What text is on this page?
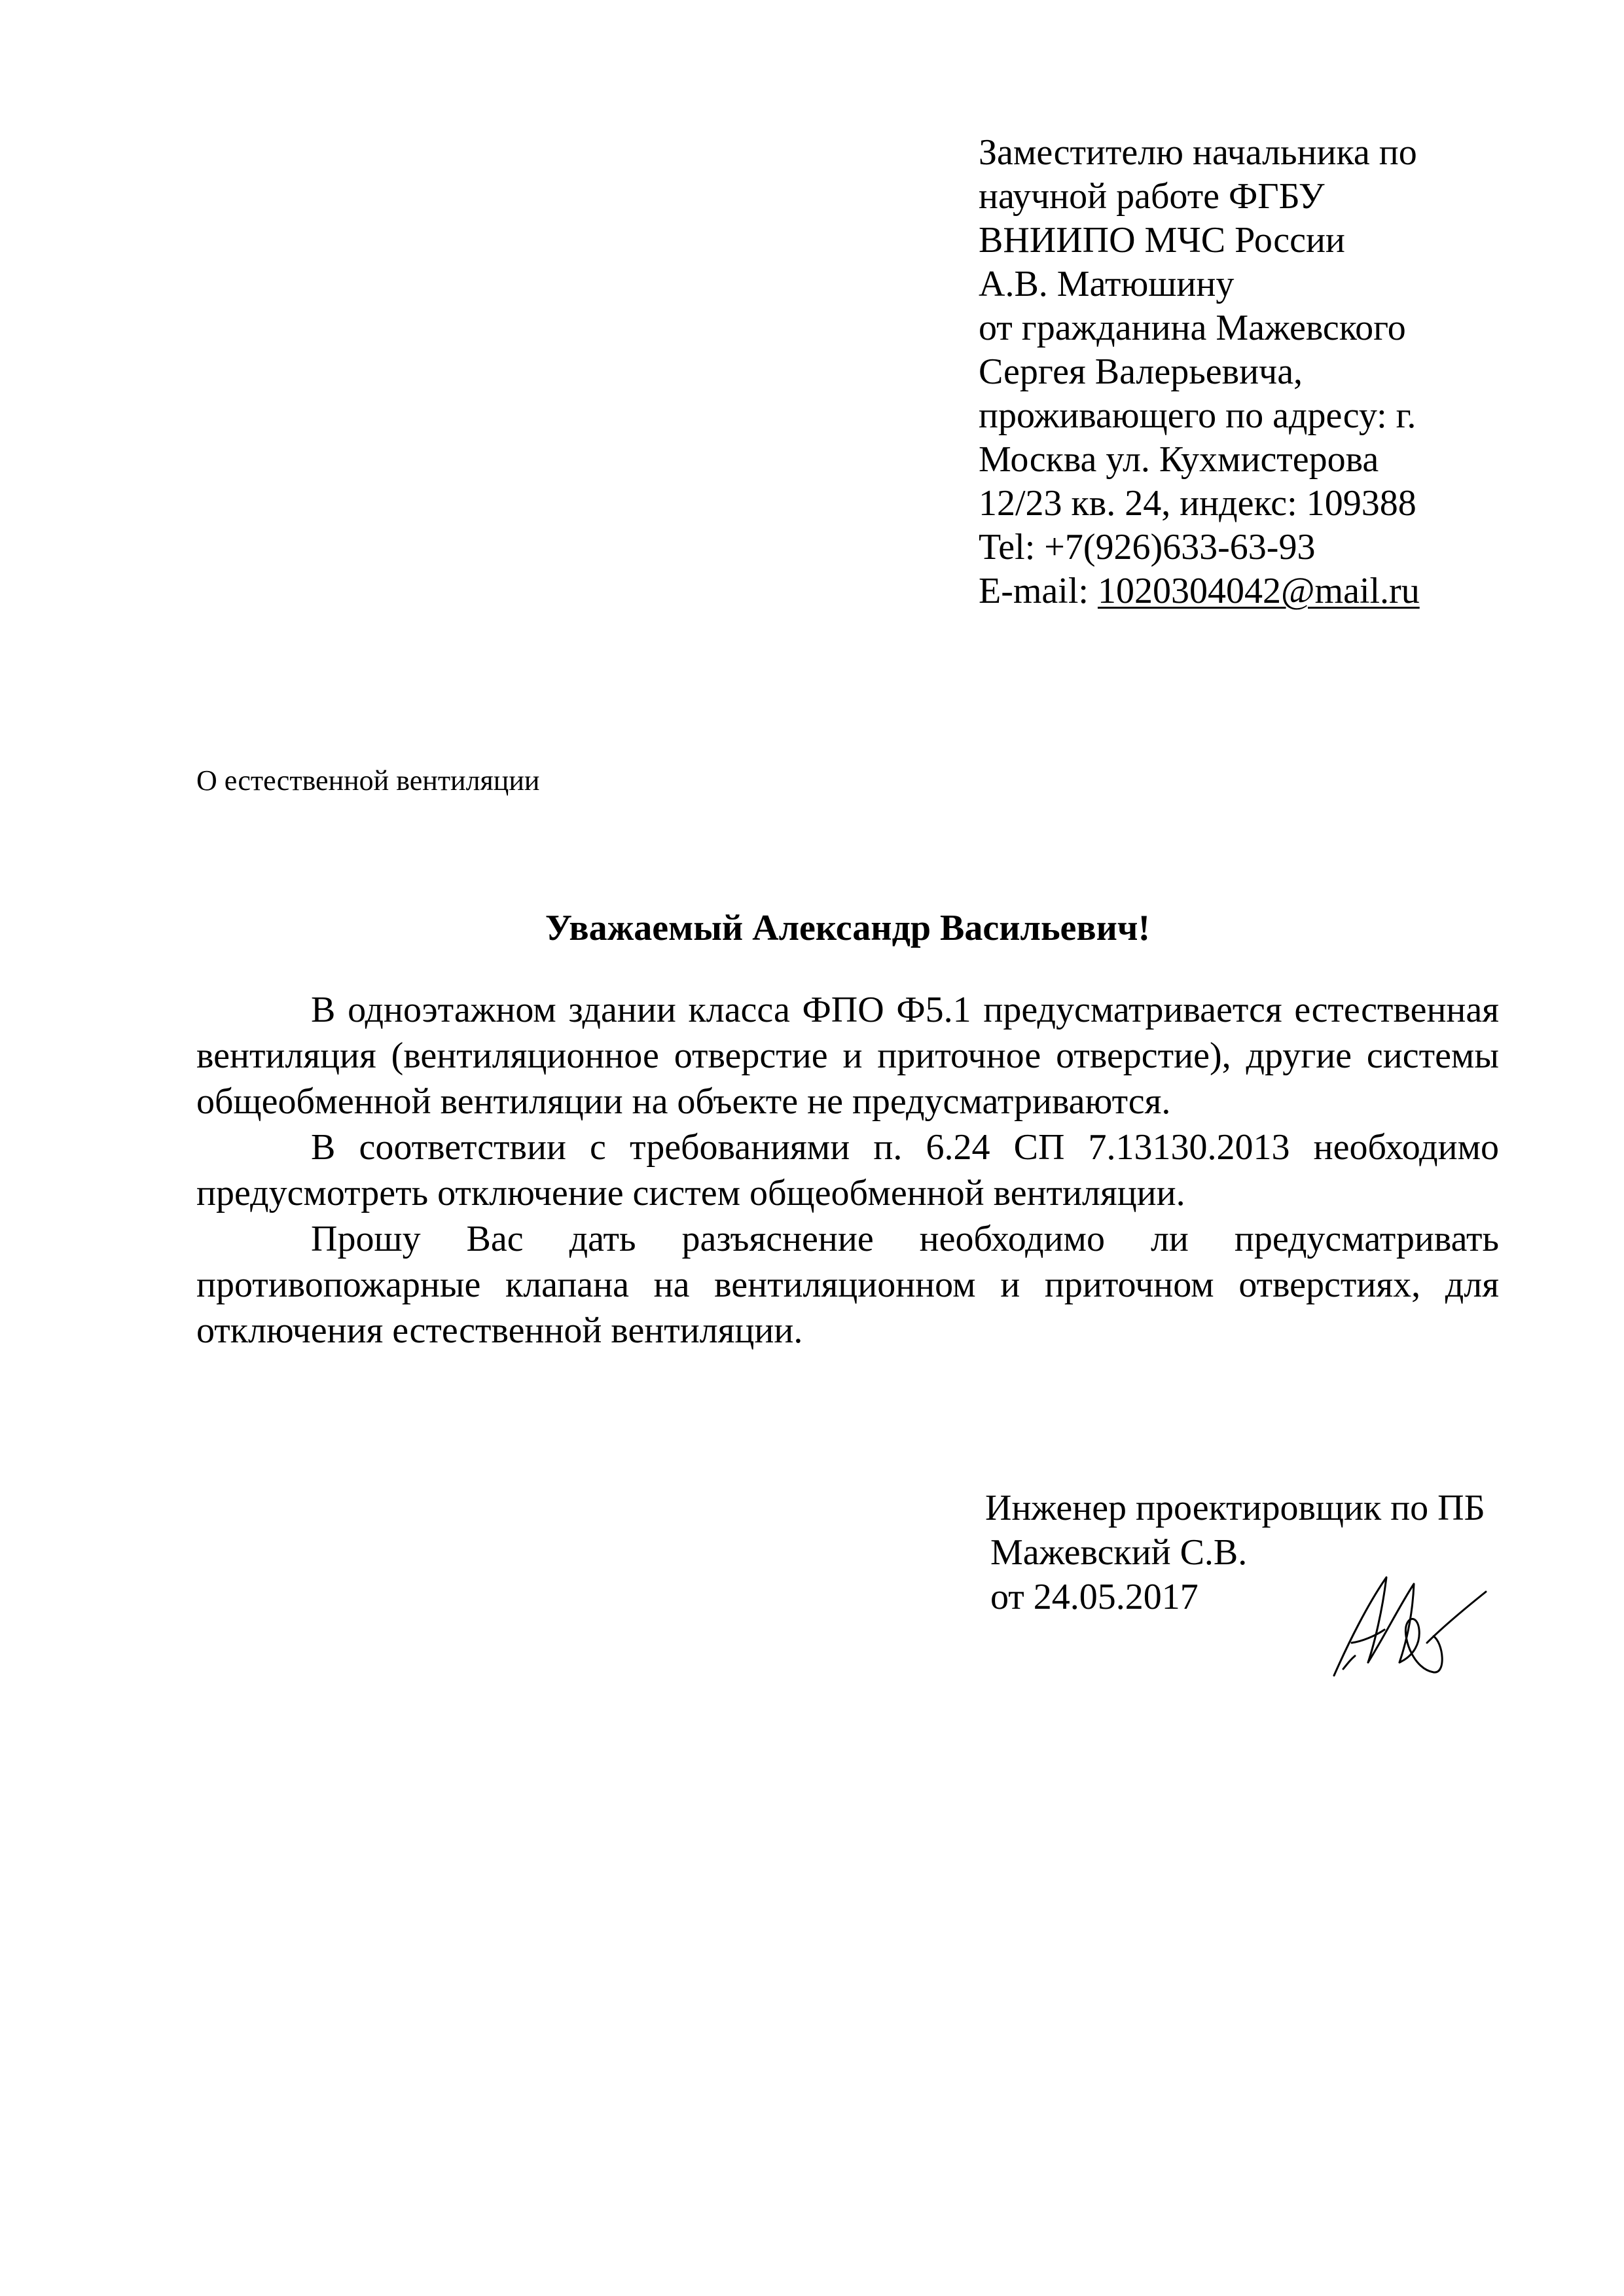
Заместителю начальника по
научной работе ФГБУ
ВНИИПО МЧС России
А.В. Матюшину
от гражданина Мажевского
Сергея Валерьевича,
проживающего по адресу: г.
Москва ул. Кухмистерова
12/23 кв. 24, индекс: 109388
Tel: +7(926)633-63-93
E-mail: 1020304042@mail.ru
О естественной вентиляции
Уважаемый Александр Васильевич!

В одноэтажном здании класса ФПО Ф5.1 предусматривается естественная вентиляция (вентиляционное отверстие и приточное отверстие), другие системы общеобменной вентиляции на объекте не предусматриваются.

В соответствии с требованиями п. 6.24 СП 7.13130.2013 необходимо предусмотреть отключение систем общеобменной вентиляции.

Прошу Вас дать разъяснение необходимо ли предусматривать противопожарные клапана на вентиляционном и приточном отверстиях, для отключения естественной вентиляции.

Инженер проектировщик по ПБ
Мажевский С.В.
от 24.05.2017
